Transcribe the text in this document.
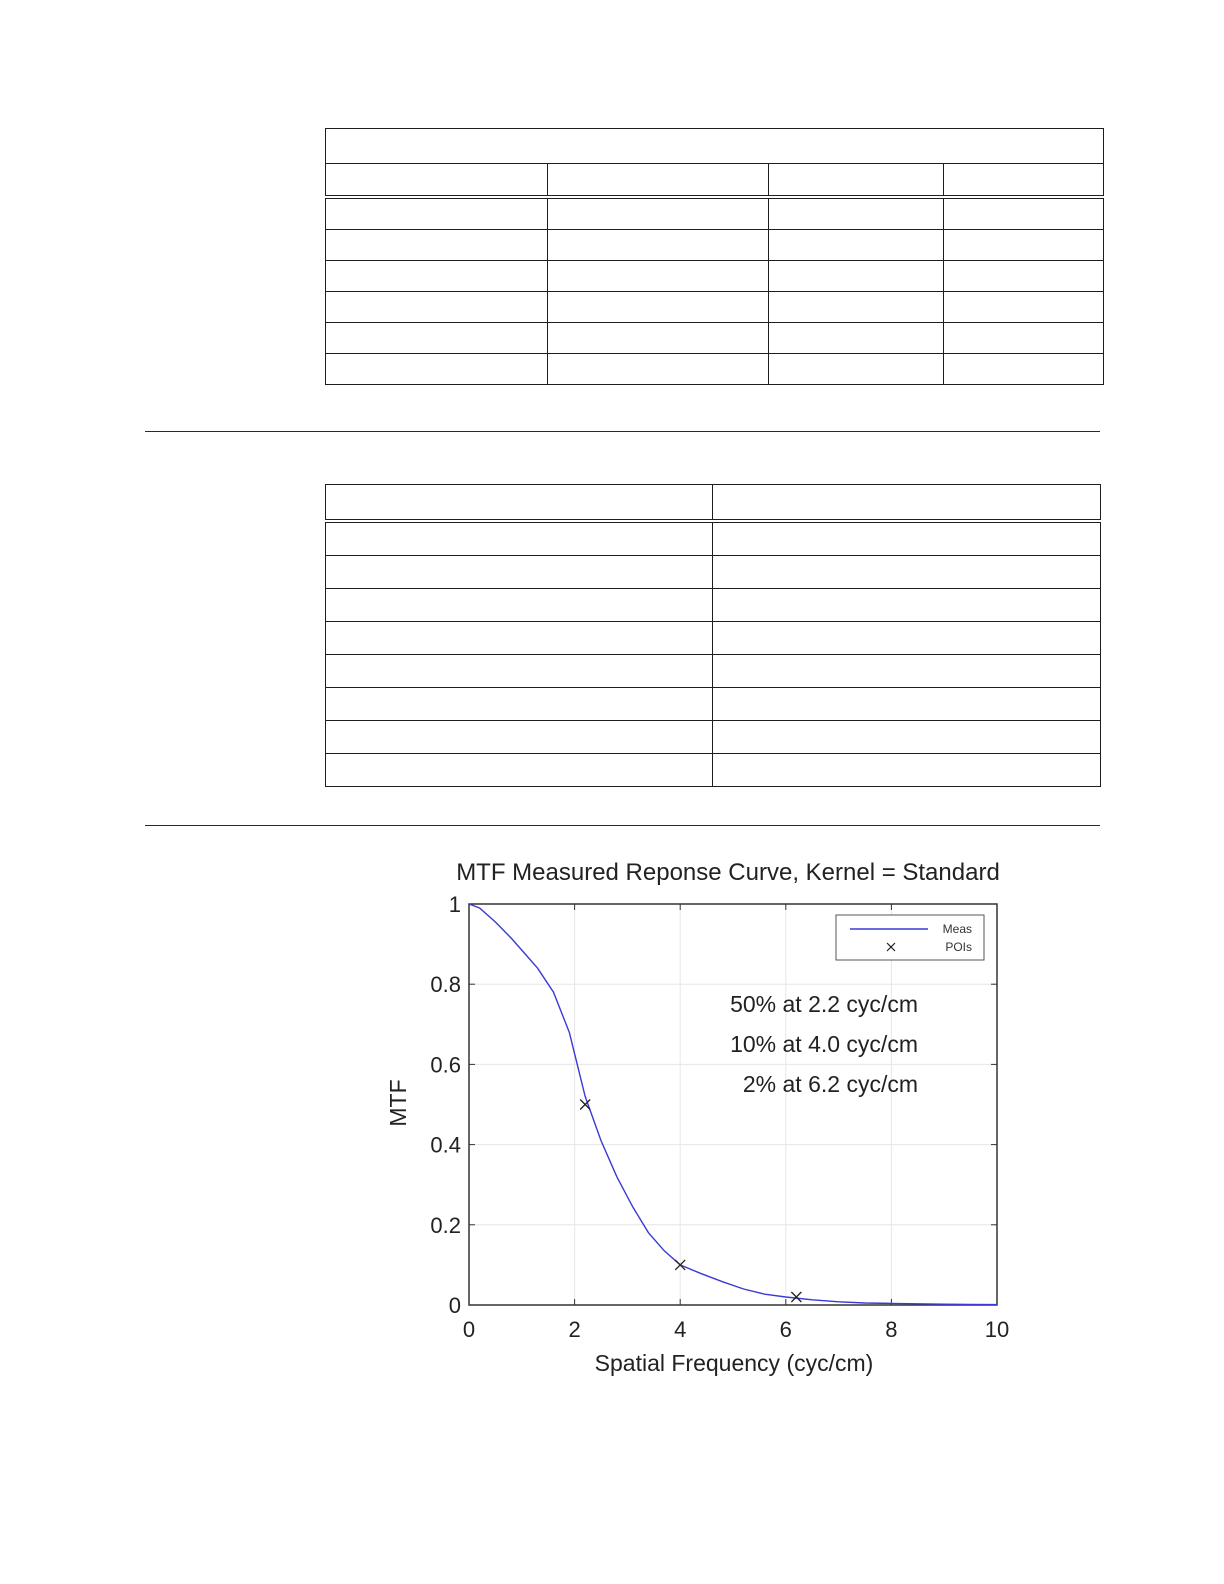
MTF Measured Reponse Curve, Kernel = Standard
0	2	4	6	8	10
0
0.2
0.4
0.6
0.8
1
50% at 2.2 cyc/cm
10% at 4.0 cyc/cm
2% at 6.2 cyc/cm
Meas
POIs
Spatial Frequency (cyc/cm)
MTF
